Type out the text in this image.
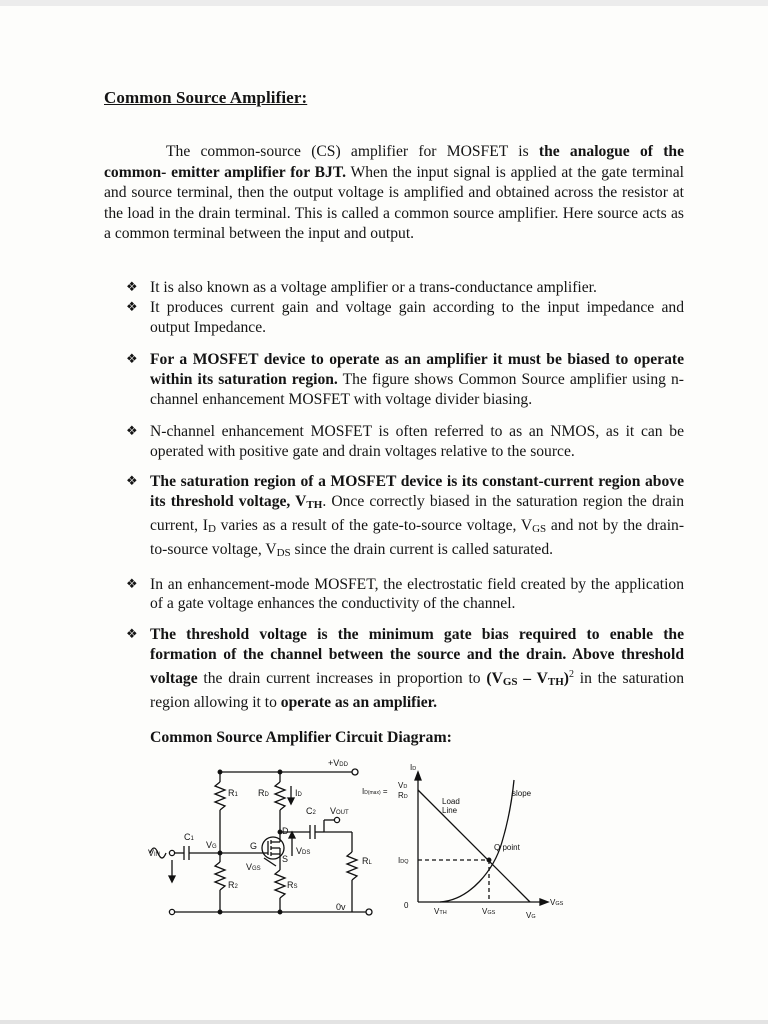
Common Source Amplifier:

The common-source (CS) amplifier for MOSFET is the analogue of the common- emitter amplifier for BJT. When the input signal is applied at the gate terminal and source terminal, then the output voltage is amplified and obtained across the resistor at the load in the drain terminal. This is called a common source amplifier. Here source acts as a common terminal between the input and output.

❖ It is also known as a voltage amplifier or a trans-conductance amplifier.
❖ It produces current gain and voltage gain according to the input impedance and output Impedance.
❖ For a MOSFET device to operate as an amplifier it must be biased to operate within its saturation region. The figure shows Common Source amplifier using n-channel enhancement MOSFET with voltage divider biasing.
❖ N-channel enhancement MOSFET is often referred to as an NMOS, as it can be operated with positive gate and drain voltages relative to the source.
❖ The saturation region of a MOSFET device is its constant-current region above its threshold voltage, VTH. Once correctly biased in the saturation region the drain current, ID varies as a result of the gate-to-source voltage, VGS and not by the drain-to-source voltage, VDS since the drain current is called saturated.
❖ In an enhancement-mode MOSFET, the electrostatic field created by the application of a gate voltage enhances the conductivity of the channel.
❖ The threshold voltage is the minimum gate bias required to enable the formation of the channel between the source and the drain. Above threshold voltage the drain current increases in proportion to (VGS – VTH)$^2$ in the saturation region allowing it to operate as an amplifier.
Common Source Amplifier Circuit Diagram:
+VDD
R1 RD	ID
C2 VOUT
C1
VIN
VG	G
D
S
VGS
VDS
RL
R2	RS
0v
ID
ID(max) =
VD
RD	Load
Line
slope
Q point
IDQ
0
VTH	VGS	VG
VGS
